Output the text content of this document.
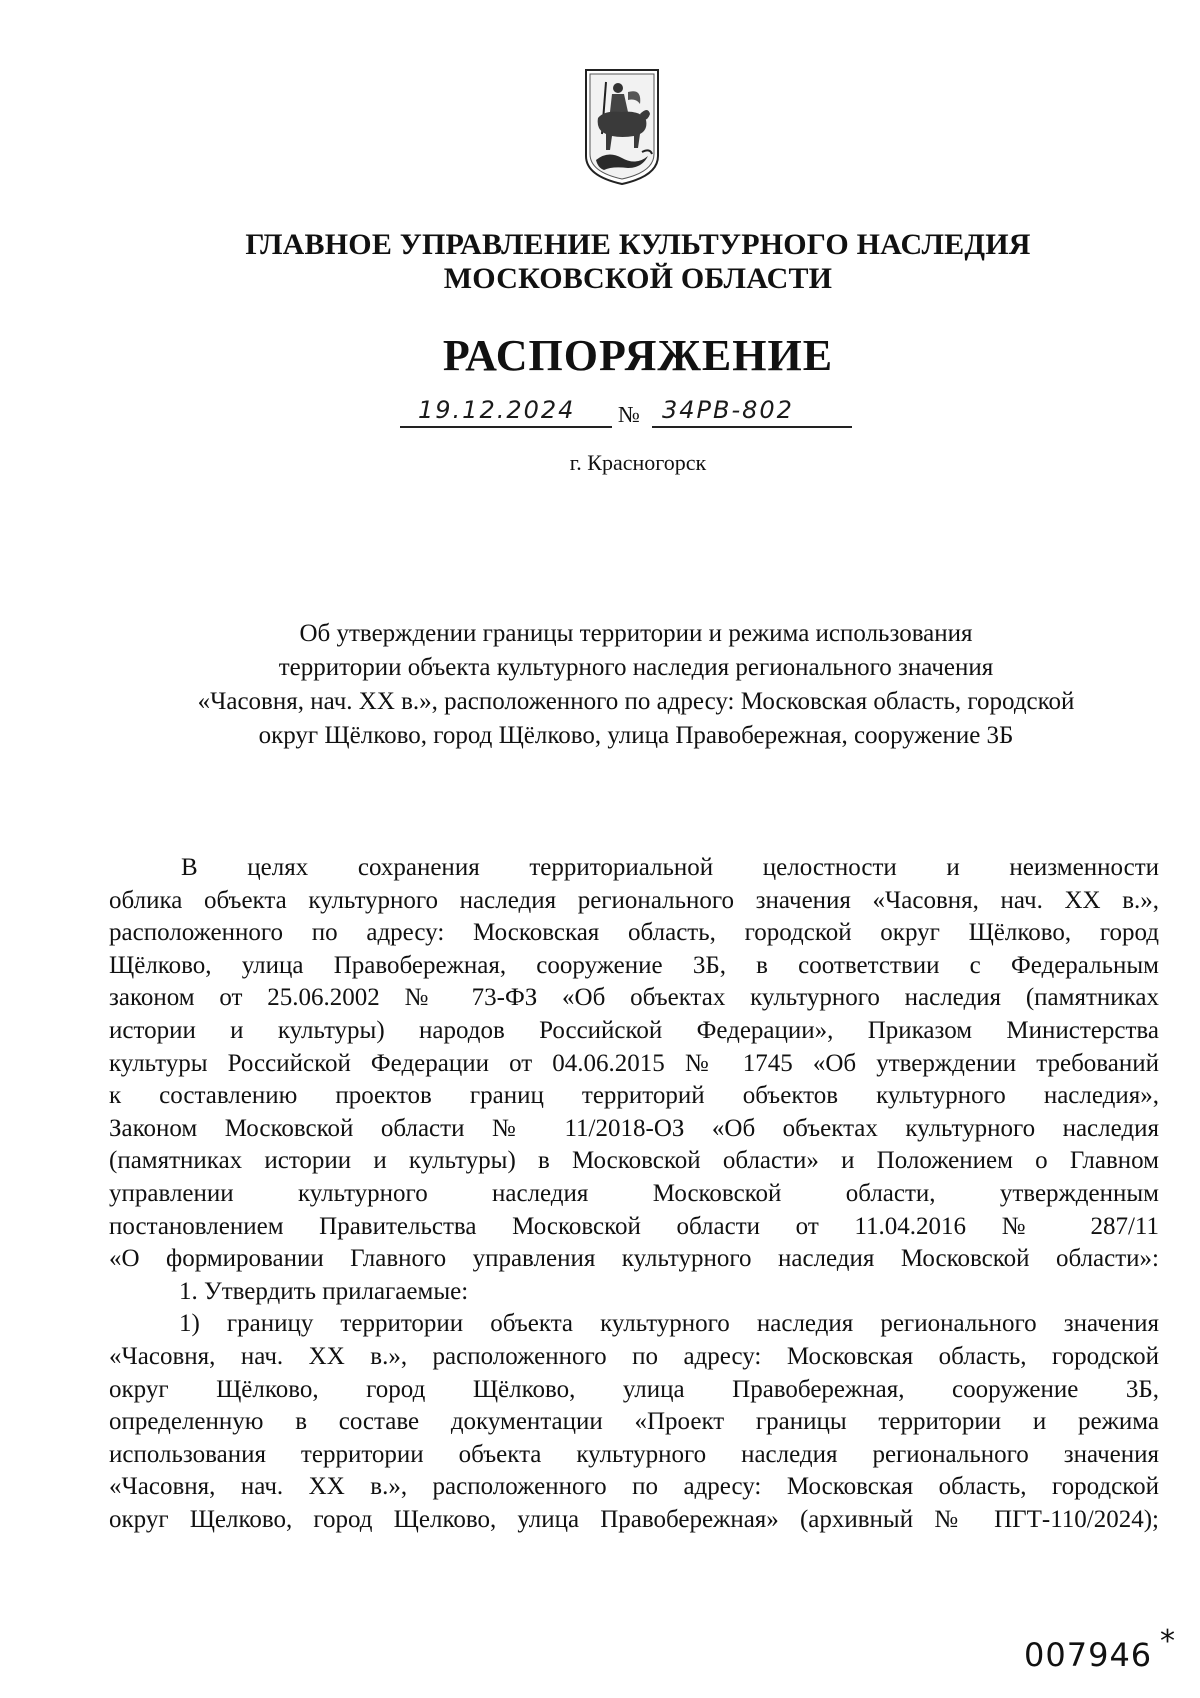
ГЛАВНОЕ УПРАВЛЕНИЕ КУЛЬТУРНОГО НАСЛЕДИЯ
МОСКОВСКОЙ ОБЛАСТИ
РАСПОРЯЖЕНИЕ
19.12.2024 № 34РВ-802
г. Красногорск
Об утверждении границы территории и режима использования
территории объекта культурного наследия регионального значения
«Часовня, нач. XX в.», расположенного по адресу: Московская область, городской
округ Щёлково, город Щёлково, улица Правобережная, сооружение 3Б
В целях сохранения территориальной целостности и неизменности
облика объекта культурного наследия регионального значения «Часовня, нач. XX в.»,
расположенного по адресу: Московская область, городской округ Щёлково, город
Щёлково, улица Правобережная, сооружение 3Б, в соответствии с Федеральным
законом от 25.06.2002 № 73-ФЗ «Об объектах культурного наследия (памятниках
истории и культуры) народов Российской Федерации», Приказом Министерства
культуры Российской Федерации от 04.06.2015 № 1745 «Об утверждении требований
к составлению проектов границ территорий объектов культурного наследия»,
Законом Московской области № 11/2018-ОЗ «Об объектах культурного наследия
(памятниках истории и культуры) в Московской области» и Положением о Главном
управлении культурного наследия Московской области, утвержденным
постановлением Правительства Московской области от 11.04.2016 № 287/11
«О формировании Главного управления культурного наследия Московской области»:
1. Утвердить прилагаемые:
1) границу территории объекта культурного наследия регионального значения
«Часовня, нач. XX в.», расположенного по адресу: Московская область, городской
округ Щёлково, город Щёлково, улица Правобережная, сооружение 3Б,
определенную в составе документации «Проект границы территории и режима
использования территории объекта культурного наследия регионального значения
«Часовня, нач. XX в.», расположенного по адресу: Московская область, городской
округ Щелково, город Щелково, улица Правобережная» (архивный № ПГТ-110/2024);
007946 *
